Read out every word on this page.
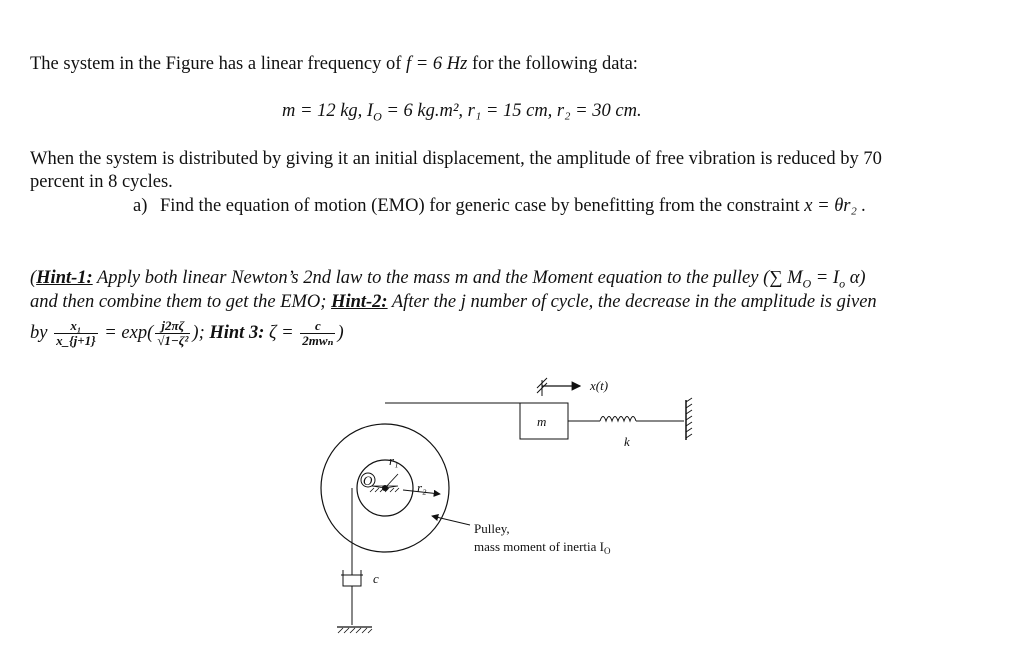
The system in the Figure has a linear frequency of f = 6 Hz for the following data:
m = 12 kg, $I_O = 6$ kg.m², r₁ = 15 cm, r₂ = 30 cm.
When the system is distributed by giving it an initial displacement, the amplitude of free vibration is reduced by 70
percent in 8 cycles.
a) Find the equation of motion (EMO) for generic case by benefitting from the constraint x = θr₂ .
(Hint-1: Apply both linear Newton’s 2nd law to the mass m and the Moment equation to the pulley (∑ $M_O = I_o$ α)
and then combine them to get the EMO; Hint-2: After the j number of cycle, the decrease in the amplitude is given
by $\frac{\text{x₁}}{x\_\{j+1\}} = \exp( \frac{j2\pi\zeta}{\text{√1−ζ²}}$ ); Hint 3: $\zeta = \frac{c}{\text{2mwₙ}}$ )
x(t)
m
k
O
r₁
r₂
Pulley,
mass moment of inertia $I_O$
c
